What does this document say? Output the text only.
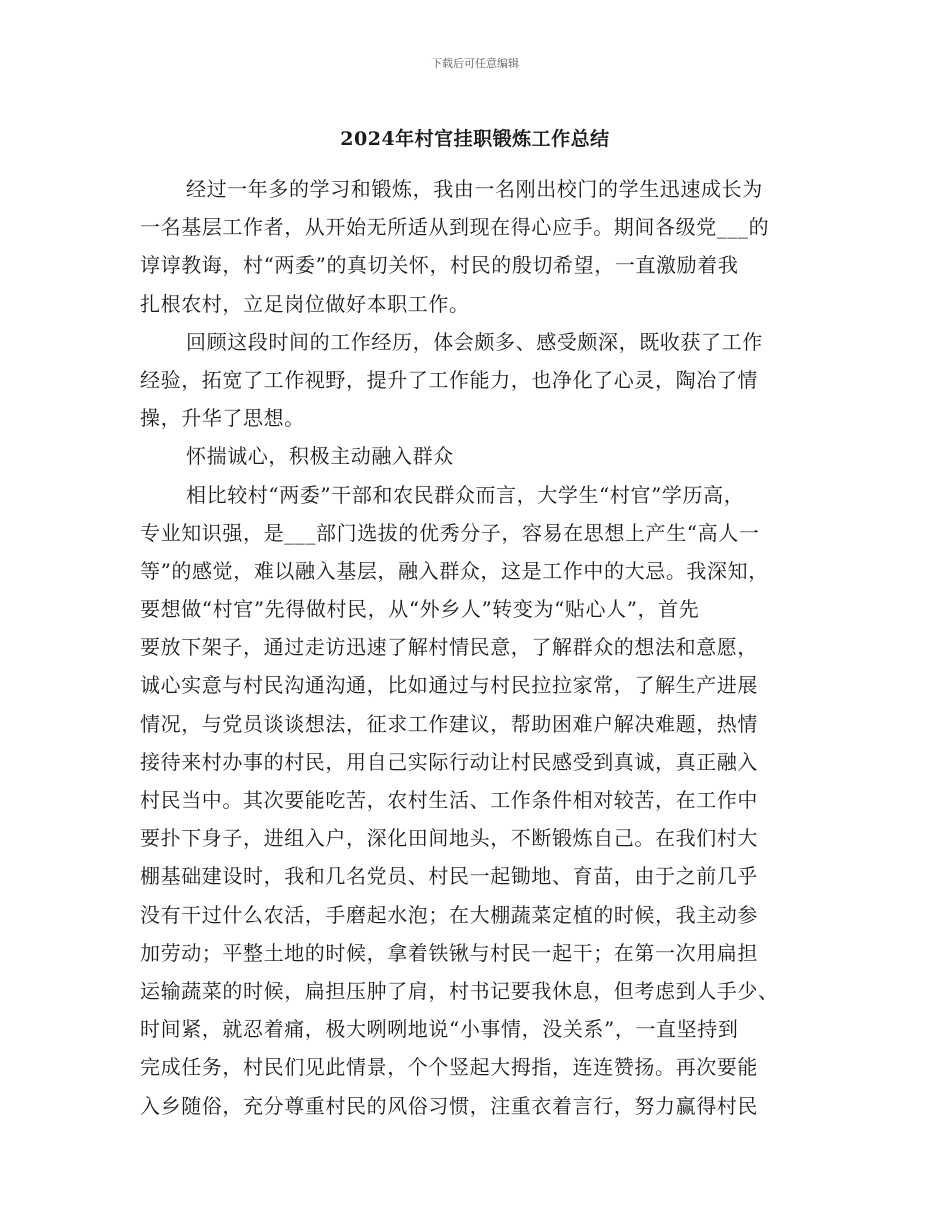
下载后可任意编辑
2024年村官挂职锻炼工作总结
经过一年多的学习和锻炼，我由一名刚出校门的学生迅速成长为
一名基层工作者，从开始无所适从到现在得心应手。期间各级党___的
谆谆教诲，村“两委”的真切关怀，村民的殷切希望，一直激励着我
扎根农村，立足岗位做好本职工作。
回顾这段时间的工作经历，体会颇多、感受颇深，既收获了工作
经验，拓宽了工作视野，提升了工作能力，也净化了心灵，陶冶了情
操，升华了思想。
怀揣诚心，积极主动融入群众
相比较村“两委”干部和农民群众而言，大学生“村官”学历高，
专业知识强，是___部门选拔的优秀分子，容易在思想上产生“高人一
等”的感觉，难以融入基层，融入群众，这是工作中的大忌。我深知，
要想做“村官”先得做村民，从“外乡人”转变为“贴心人”，首先
要放下架子，通过走访迅速了解村情民意，了解群众的想法和意愿，
诚心实意与村民沟通沟通，比如通过与村民拉拉家常，了解生产进展
情况，与党员谈谈想法，征求工作建议，帮助困难户解决难题，热情
接待来村办事的村民，用自己实际行动让村民感受到真诚，真正融入
村民当中。其次要能吃苦，农村生活、工作条件相对较苦，在工作中
要扑下身子，进组入户，深化田间地头，不断锻炼自己。在我们村大
棚基础建设时，我和几名党员、村民一起锄地、育苗，由于之前几乎
没有干过什么农活，手磨起水泡；在大棚蔬菜定植的时候，我主动参
加劳动；平整土地的时候，拿着铁锹与村民一起干；在第一次用扁担
运输蔬菜的时候，扁担压肿了肩，村书记要我休息，但考虑到人手少、
时间紧，就忍着痛，极大咧咧地说“小事情，没关系”，一直坚持到
完成任务，村民们见此情景，个个竖起大拇指，连连赞扬。再次要能
入乡随俗，充分尊重村民的风俗习惯，注重衣着言行，努力赢得村民
